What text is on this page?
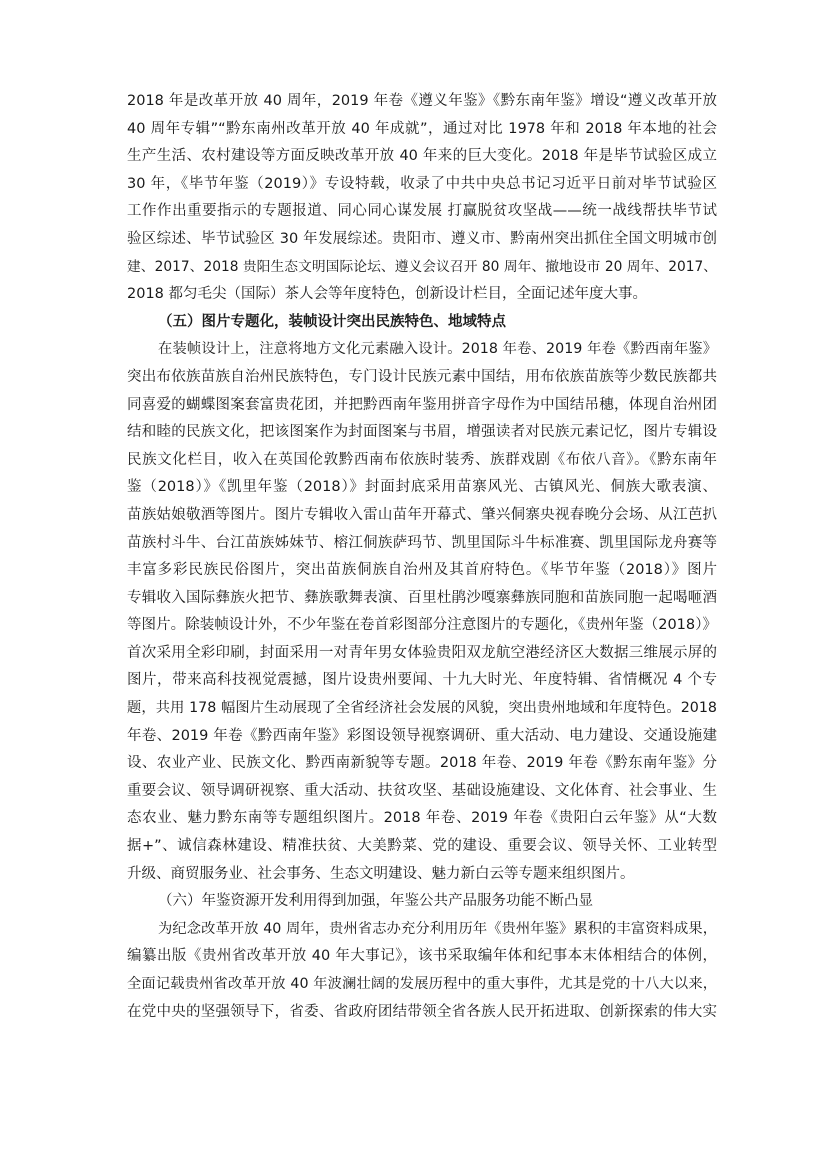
2018 年是改革开放 40 周年，2019 年卷《遵义年鉴》《黔东南年鉴》增设“遵义改革开放
40 周年专辑”“黔东南州改革开放 40 年成就”，通过对比 1978 年和 2018 年本地的社会
生产生活、农村建设等方面反映改革开放 40 年来的巨大变化。2018 年是毕节试验区成立
30 年，《毕节年鉴（2019）》专设特载，收录了中共中央总书记习近平日前对毕节试验区
工作作出重要指示的专题报道、同心同心谋发展 打赢脱贫攻坚战——统一战线帮扶毕节试
验区综述、毕节试验区 30 年发展综述。贵阳市、遵义市、黔南州突出抓住全国文明城市创
建、2017、2018 贵阳生态文明国际论坛、遵义会议召开 80 周年、撤地设市 20 周年、2017、
2018 都匀毛尖（国际）茶人会等年度特色，创新设计栏目，全面记述年度大事。
（五）图片专题化，装帧设计突出民族特色、地域特点
在装帧设计上，注意将地方文化元素融入设计。2018 年卷、2019 年卷《黔西南年鉴》
突出布依族苗族自治州民族特色，专门设计民族元素中国结，用布依族苗族等少数民族都共
同喜爱的蝴蝶图案套富贵花团，并把黔西南年鉴用拼音字母作为中国结吊穗，体现自治州团
结和睦的民族文化，把该图案作为封面图案与书眉，增强读者对民族元素记忆，图片专辑设
民族文化栏目，收入在英国伦敦黔西南布依族时装秀、族群戏剧《布依八音》。《黔东南年
鉴（2018）》《凯里年鉴（2018）》封面封底采用苗寨风光、古镇风光、侗族大歌表演、
苗族姑娘敬酒等图片。图片专辑收入雷山苗年开幕式、肇兴侗寨央视春晚分会场、从江芭扒
苗族村斗牛、台江苗族姊妹节、榕江侗族萨玛节、凯里国际斗牛标准赛、凯里国际龙舟赛等
丰富多彩民族民俗图片，突出苗族侗族自治州及其首府特色。《毕节年鉴（2018）》图片
专辑收入国际彝族火把节、彝族歌舞表演、百里杜鹃沙嘎寨彝族同胞和苗族同胞一起喝咂酒
等图片。除装帧设计外，不少年鉴在卷首彩图部分注意图片的专题化，《贵州年鉴（2018）》
首次采用全彩印刷，封面采用一对青年男女体验贵阳双龙航空港经济区大数据三维展示屏的
图片，带来高科技视觉震撼，图片设贵州要闻、十九大时光、年度特辑、省情概况 4 个专
题，共用 178 幅图片生动展现了全省经济社会发展的风貌，突出贵州地域和年度特色。2018
年卷、2019 年卷《黔西南年鉴》彩图设领导视察调研、重大活动、电力建设、交通设施建
设、农业产业、民族文化、黔西南新貌等专题。2018 年卷、2019 年卷《黔东南年鉴》分
重要会议、领导调研视察、重大活动、扶贫攻坚、基础设施建设、文化体育、社会事业、生
态农业、魅力黔东南等专题组织图片。2018 年卷、2019 年卷《贵阳白云年鉴》从“大数
据+”、诚信森林建设、精准扶贫、大美黔菜、党的建设、重要会议、领导关怀、工业转型
升级、商贸服务业、社会事务、生态文明建设、魅力新白云等专题来组织图片。
（六）年鉴资源开发利用得到加强，年鉴公共产品服务功能不断凸显
为纪念改革开放 40 周年，贵州省志办充分利用历年《贵州年鉴》累积的丰富资料成果，
编纂出版《贵州省改革开放 40 年大事记》，该书采取编年体和纪事本末体相结合的体例，
全面记载贵州省改革开放 40 年波澜壮阔的发展历程中的重大事件，尤其是党的十八大以来，
在党中央的坚强领导下，省委、省政府团结带领全省各族人民开拓进取、创新探索的伟大实
